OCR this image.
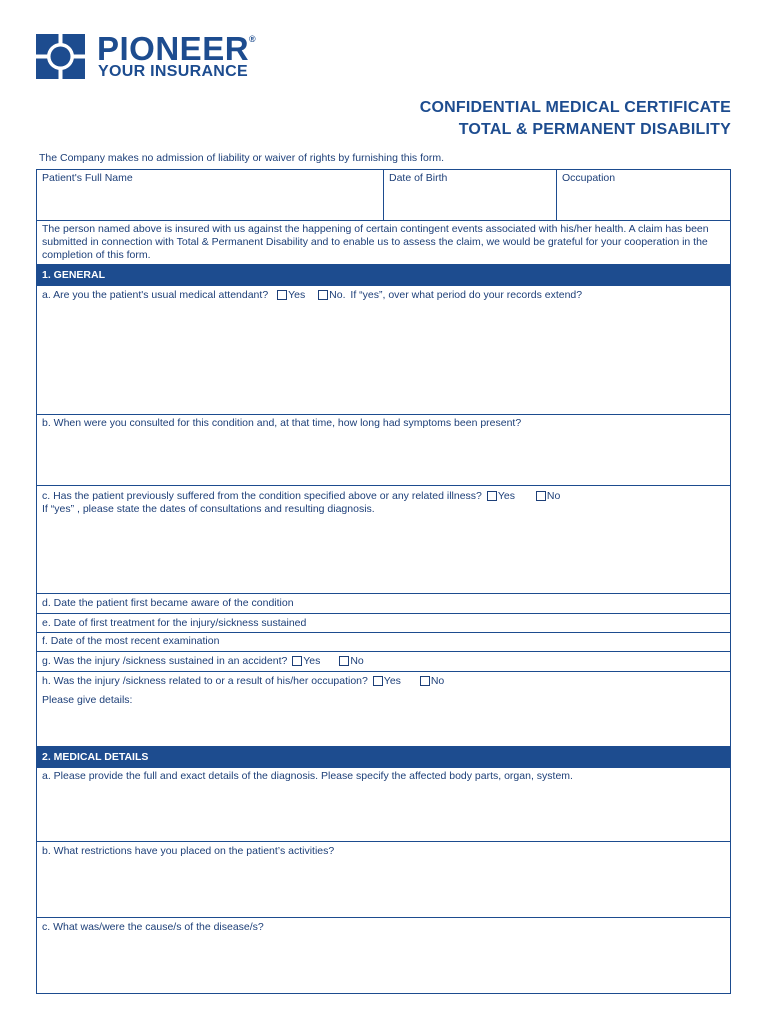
PIONEER®
YOUR INSURANCE
CONFIDENTIAL MEDICAL CERTIFICATE
TOTAL & PERMANENT DISABILITY
The Company makes no admission of liability or waiver of rights by furnishing this form.
Patient's Full Name	Date of Birth	Occupation
The person named above is insured with us against the happening of certain contingent events associated with his/her health. A claim has been submitted in connection with Total & Permanent Disability and to enable us to assess the claim, we would be grateful for your cooperation in the completion of this form.
1. GENERAL
a. Are you the patient's usual medical attendant? Yes No. If “yes”, over what period do your records extend?
b. When were you consulted for this condition and, at that time, how long had symptoms been present?
c. Has the patient previously suffered from the condition specified above or any related illness? Yes	No
If “yes” , please state the dates of consultations and resulting diagnosis.
d. Date the patient first became aware of the condition
e. Date of first treatment for the injury/sickness sustained
f. Date of the most recent examination
g. Was the injury /sickness sustained in an accident? Yes	No
h. Was the injury /sickness related to or a result of his/her occupation? Yes	No
Please give details:
2. MEDICAL DETAILS
a. Please provide the full and exact details of the diagnosis. Please specify the affected body parts, organ, system.
b. What restrictions have you placed on the patient’s activities?
c. What was/were the cause/s of the disease/s?
